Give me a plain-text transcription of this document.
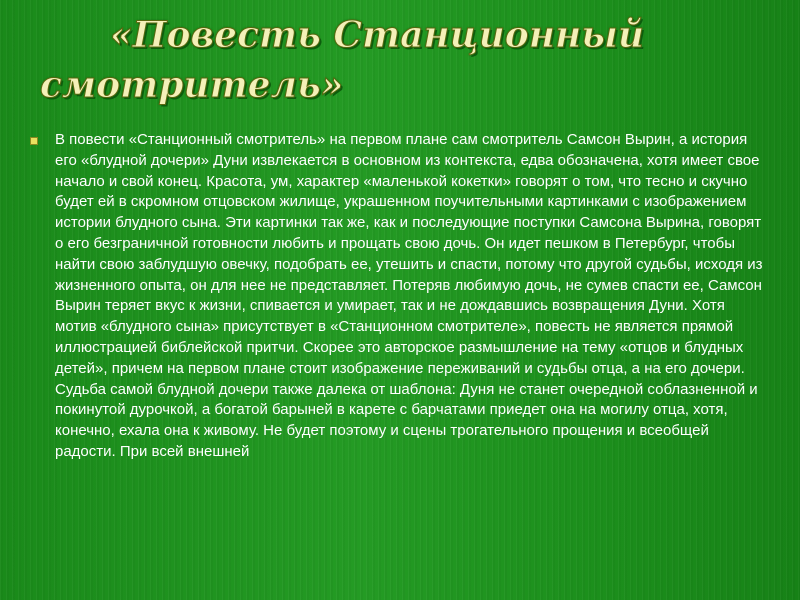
«Повесть Станционный
смотритель»

В повести «Станционный смотритель» на первом плане сам смотритель Самсон Вырин, а история его «блудной дочери» Дуни извлекается в основном из контекста, едва обозначена, хотя имеет свое начало и свой конец. Красота, ум, характер «маленькой кокетки» говорят о том, что тесно и скучно будет ей в скромном отцовском жилище, украшенном поучительными картинками с изображением истории блудного сына. Эти картинки так же, как и последующие поступки Самсона Вырина, говорят о его безграничной готовности любить и прощать свою дочь. Он идет пешком в Петербург, чтобы найти свою заблудшую овечку, подобрать ее, утешить и спасти, потому что другой судьбы, исходя из жизненного опыта, он для нее не представляет. Потеряв любимую дочь, не сумев спасти ее, Самсон Вырин теряет вкус к жизни, спивается и умирает, так и не дождавшись возвращения Дуни. Хотя мотив «блудного сына» присутствует в «Станционном смотрителе», повесть не является прямой иллюстрацией библейской притчи. Скорее это авторское размышление на тему «отцов и блудных детей», причем на первом плане стоит изображение переживаний и судьбы отца, а на его дочери. Судьба самой блудной дочери также далека от шаблона: Дуня не станет очередной соблазненной и покинутой дурочкой, а богатой барыней в карете с барчатами приедет она на могилу отца, хотя, конечно, ехала она к живому. Не будет поэтому и сцены трогательного прощения и всеобщей радости. При всей внешней
